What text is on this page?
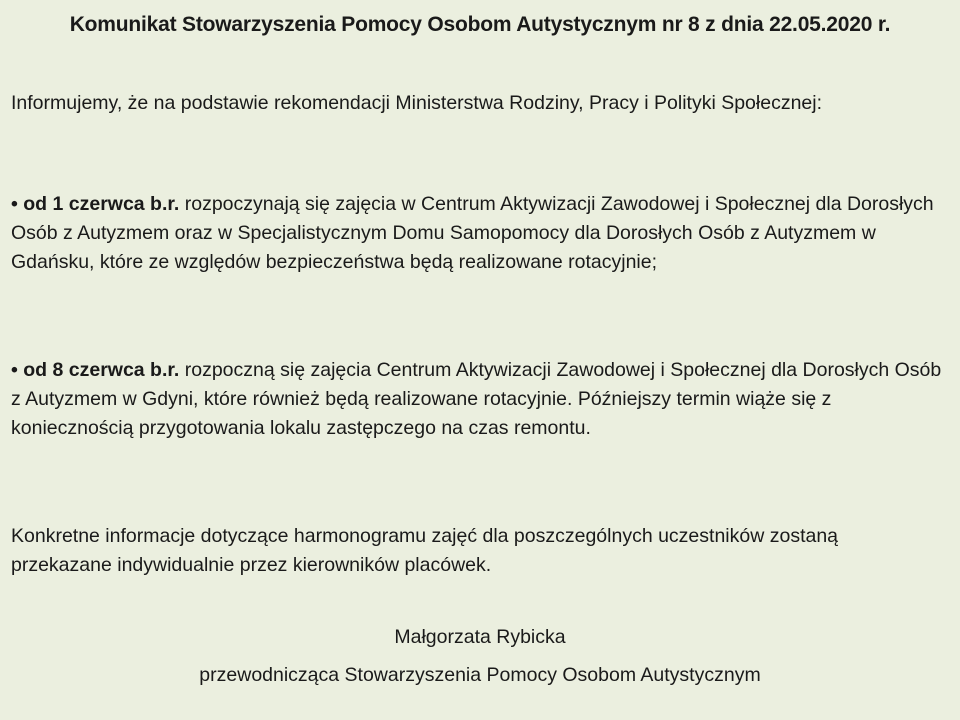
Komunikat Stowarzyszenia Pomocy Osobom Autystycznym nr 8 z dnia 22.05.2020 r.
Informujemy, że na podstawie rekomendacji Ministerstwa Rodziny, Pracy i Polityki Społecznej:
• od 1 czerwca b.r. rozpoczynają się zajęcia w Centrum Aktywizacji Zawodowej i Społecznej dla Dorosłych Osób z Autyzmem oraz w Specjalistycznym Domu Samopomocy dla Dorosłych Osób z Autyzmem w Gdańsku, które ze względów bezpieczeństwa będą realizowane rotacyjnie;
• od 8 czerwca b.r. rozpoczną się zajęcia Centrum Aktywizacji Zawodowej i Społecznej dla Dorosłych Osób z Autyzmem w Gdyni, które również będą realizowane rotacyjnie. Późniejszy termin wiąże się z koniecznością przygotowania lokalu zastępczego na czas remontu.
Konkretne informacje dotyczące harmonogramu zajęć dla poszczególnych uczestników zostaną przekazane indywidualnie przez kierowników placówek.
Małgorzata Rybicka
przewodnicząca Stowarzyszenia Pomocy Osobom Autystycznym
